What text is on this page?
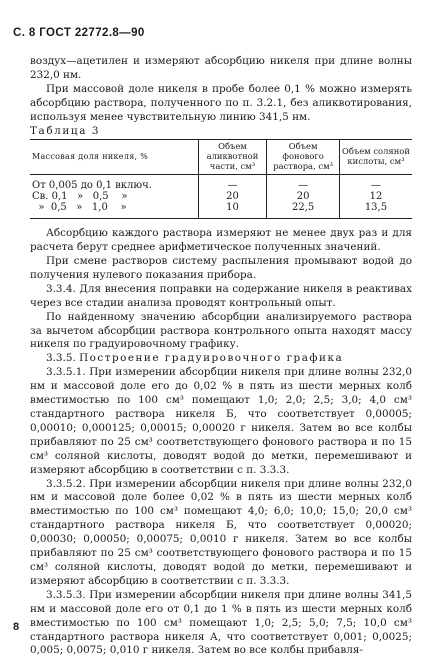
С. 8 ГОСТ 22772.8—90

воздух—ацетилен и измеряют абсорбцию никеля при длине волны 232,0 нм.

При массовой доле никеля в пробе более 0,1 % можно измерять абсорбцию раствора, полученного по п. 3.2.1, без аликвотирования, используя менее чувствительную линию 341,5 нм.

Таблица 3

Массовая доля никеля, %	Объем аликвотной части, см³	Объем фонового раствора, см³	Объем соляной кислоты, см³
От 0,005 до 0,1 включ.	—	—	—
Св. 0,1   »   0,5    »	20	20	12
»  0,5   »   1,0    »	10	22,5	13,5

Абсорбцию каждого раствора измеряют не менее двух раз и для расчета берут среднее арифметическое полученных значений.

При смене растворов систему распыления промывают водой до получения нулевого показания прибора.

3.3.4. Для внесения поправки на содержание никеля в реактивах через все стадии анализа проводят контрольный опыт.

По найденному значению абсорбции анализируемого раствора за вычетом абсорбции раствора контрольного опыта находят массу никеля по градуировочному графику.

3.3.5. Построение градуировочного графика

3.3.5.1. При измерении абсорбции никеля при длине волны 232,0 нм и массовой доле его до 0,02 % в пять из шести мерных колб вместимостью по 100 см³ помещают 1,0; 2,0; 2,5; 3,0; 4,0 см³ стандартного раствора никеля Б, что соответствует 0,00005; 0,00010; 0,000125; 0,00015; 0,00020 г никеля. Затем во все колбы прибавляют по 25 см³ соответствующего фонового раствора и по 15 см³ соляной кислоты, доводят водой до метки, перемешивают и измеряют абсорбцию в соответствии с п. 3.3.3.

3.3.5.2. При измерении абсорбции никеля при длине волны 232,0 нм и массовой доле более 0,02 % в пять из шести мерных колб вместимостью по 100 см³ помещают 4,0; 6,0; 10,0; 15,0; 20,0 см³ стандартного раствора никеля Б, что соответствует 0,00020; 0,00030; 0,00050; 0,00075; 0,0010 г никеля. Затем во все колбы прибавляют по 25 см³ соответствующего фонового раствора и по 15 см³ соляной кислоты, доводят водой до метки, перемешивают и измеряют абсорбцию в соответствии с п. 3.3.3.

3.3.5.3. При измерении абсорбции никеля при длине волны 341,5 нм и массовой доле его от 0,1 до 1 % в пять из шести мерных колб вместимостью по 100 см³ помещают 1,0; 2,5; 5,0; 7,5; 10,0 см³ стандартного раствора никеля А, что соответствует 0,001; 0,0025; 0,005; 0,0075; 0,010 г никеля. Затем во все колбы прибавля-

8
